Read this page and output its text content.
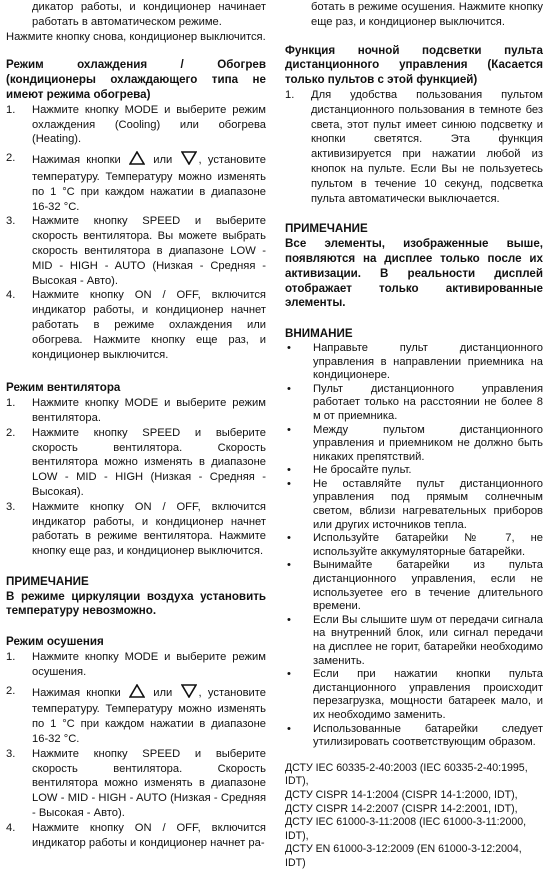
дикатор работы, и кондиционер начинает работать в автоматическом режиме.

Нажмите кнопку снова, кондиционер выключится.

Режим охлаждения / Обогрев (кондиционеры охлаждающего типа не имеют режима обогрева)
1.	Нажмите кнопку MODE и выберите режим охлаждения (Cooling) или обогрева (Heating).
2.	Нажимая кнопки	или , установите температуру. Температуру можно изменять по 1 °С при каждом нажатии в диапазоне 16-32 °С.
3.	Нажмите кнопку SPEED и выберите скорость вентилятора. Вы можете выбрать скорость вентилятора в диапазоне LOW - MID - HIGH - AUTO (Низкая - Средняя - Высокая - Авто).
4.	Нажмите кнопку ON / OFF, включится индикатор работы, и кондиционер начнет работать в режиме охлаждения или обогрева. Нажмите кнопку еще раз, и кондиционер выключится.
Режим вентилятора
1.	Нажмите кнопку MODE и выберите режим вентилятора.
2.	Нажмите кнопку SPEED и выберите скорость вентилятора. Скорость вентилятора можно изменять в диапазоне LOW - MID - HIGH (Низкая - Средняя - Высокая).
3.	Нажмите кнопку ON / OFF, включится индикатор работы, и кондиционер начнет работать в режиме вентилятора. Нажмите кнопку еще раз, и кондиционер выключится.
ПРИМЕЧАНИЕ
В режиме циркуляции воздуха установить температуру невозможно.
Режим осушения
1.	Нажмите кнопку MODE и выберите режим осушения.
2.	Нажимая кнопки	или , установите температуру. Температуру можно изменять по 1 °С при каждом нажатии в диапазоне 16-32 °С.
3.	Нажмите кнопку SPEED и выберите скорость вентилятора. Скорость вентилятора можно изменять в диапазоне LOW - MID - HIGH - AUTO (Низкая - Средняя - Высокая - Авто).
4.	Нажмите кнопку ON / OFF, включится индикатор работы и кондиционер начнет ра-

ботать в режиме осушения. Нажмите кнопку еще раз, и кондиционер выключится.

Функция ночной подсветки пульта дистанционного управления (Касается только пультов с этой функцией)
1.	Для удобства пользования пультом дистанционного пользования в темноте без света, этот пульт имеет синюю подсветку и кнопки светятся. Эта функция активизируется при нажатии любой из кнопок на пульте. Если Вы не пользуетесь пультом в течение 10 секунд, подсветка пульта автоматически выключается.
ПРИМЕЧАНИЕ
Все элементы, изображенные выше, появляются на дисплее только после их активизации. В реальности дисплей отображает только активированные элементы.
ВНИМАНИЕ
•	Направьте пульт дистанционного управления в направлении приемника на кондиционере.
•	Пульт дистанционного управления работает только на расстоянии не более 8 м от приемника.
•	Между пультом дистанционного управления и приемником не должно быть никаких препятствий.
•	Не бросайте пульт.
•	Не оставляйте пульт дистанционного управления под прямым солнечным светом, вблизи нагревательных приборов или других источников тепла.
•	Используйте батарейки № 7, не используйте аккумуляторные батарейки.
•	Вынимайте батарейки из пульта дистанционного управления, если не используетее его в течение длительного времени.
•	Если Вы слышите шум от передачи сигнала на внутренний блок, или сигнал передачи на дисплее не горит, батарейки необходимо заменить.
•	Если при нажатии кнопки пульта дистанционного управления происходит перезагрузка, мощности батареек мало, и их необходимо заменить.
•	Использованные батарейки следует утилизировать соответствующим образом.
ДСТУ IEC 60335-2-40:2003 (IEC 60335-2-40:1995, IDT),
ДСТУ CISPR 14-1:2004 (CISPR 14-1:2000, IDT),
ДСТУ CISPR 14-2:2007 (CISPR 14-2:2001, IDT),
ДСТУ IEC 61000-3-11:2008 (IEC 61000-3-11:2000, IDT),
ДСТУ EN 61000-3-12:2009 (EN 61000-3-12:2004, IDT)
